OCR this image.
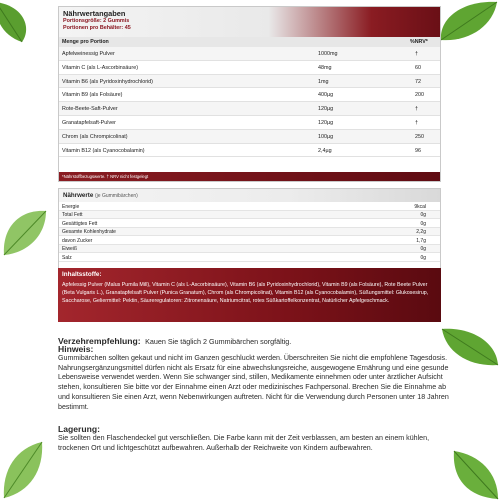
Nährwertangaben
Portionsgröße: 2 Gummis
Portionen pro Behälter: 45
Menge pro Portion	%NRV*
Apfelweinessig Pulver	1000mg	†
Vitamin C (als L-Ascorbinsäure)	48mg	60
Vitamin B6 (als Pyridoxinhydrochlorid)	1mg	72
Vitamin B9 (als Folsäure)	400µg	200
Rote-Beete-Saft-Pulver	120µg	†
Granatapfelsaft-Pulver	120µg	†
Chrom (als Chrompicolinat)	100µg	250
Vitamin B12 (als Cyanocobalamin)	2,4µg	96
*Nährstoffbezugswerte. † NRV nicht festgelegt
Nährwerte (je Gummibärchen)
Energie	9kcal
Total Fett	0g
Gesättigtes Fett	0g
Gesamte Kohlenhydrate	2,2g
davon Zucker	1,7g
Eiweiß	0g
Salz	0g
Inhaltsstoffe:
Apfelessig Pulver (Malus Pumila Mill), Vitamin C (als L-Ascorbinsäure), Vitamin B6 (als Pyridoxinhydrochlorid), Vitamin B9 (als Folsäure), Rote Beete Pulver (Beta Vulgaris L.), Granatapfelsaft Pulver (Punica Granatum), Chrom (als Chrompicolinat), Vitamin B12 (als Cyanocobalamin), Süßungsmittel: Glukosesirup, Saccharose, Geliermittel: Pektin, Säureregulatoren: Zitronensäure, Natriumcitrat, rotes Süßkartoffelkonzentrat, Natürlicher Apfelgeschmack.
Verzehrempfehlung: Kauen Sie täglich 2 Gummibärchen sorgfältig.
Hinweis:
Gummibärchen sollten gekaut und nicht im Ganzen geschluckt werden. Überschreiten Sie nicht die empfohlene Tagesdosis. Nahrungsergänzungsmittel dürfen nicht als Ersatz für eine abwechslungsreiche, ausgewogene Ernährung und eine gesunde Lebensweise verwendet werden. Wenn Sie schwanger sind, stillen, Medikamente einnehmen oder unter ärztlicher Aufsicht stehen, konsultieren Sie bitte vor der Einnahme einen Arzt oder medizinisches Fachpersonal. Brechen Sie die Einnahme ab und konsultieren Sie einen Arzt, wenn Nebenwirkungen auftreten. Nicht für die Verwendung durch Personen unter 18 Jahren bestimmt.
Lagerung:
Sie sollten den Flaschendeckel gut verschließen. Die Farbe kann mit der Zeit verblassen, am besten an einem kühlen, trockenen Ort und lichtgeschützt aufbewahren. Außerhalb der Reichweite von Kindern aufbewahren.
